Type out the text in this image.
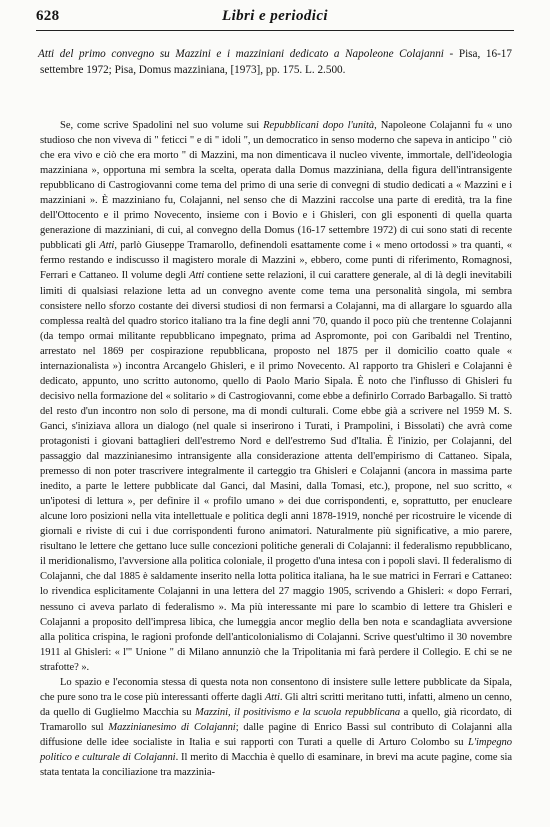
628	Libri e periodici
Atti del primo convegno su Mazzini e i mazziniani dedicato a Napoleone Colajanni - Pisa, 16-17 settembre 1972; Pisa, Domus mazziniana, [1973], pp. 175. L. 2.500.

Se, come scrive Spadolini nel suo volume sui Repubblicani dopo l'unità, Napoleone Colajanni fu « uno studioso che non viveva di " feticci " e di " idoli ", un democratico in senso moderno che sapeva in anticipo " ciò che era vivo e ciò che era morto " di Mazzini, ma non dimenticava il nucleo vivente, immortale, dell'ideologia mazziniana », opportuna mi sembra la scelta, operata dalla Domus mazziniana, della figura dell'intransigente repubblicano di Castrogiovanni come tema del primo di una serie di convegni di studio dedicati a « Mazzini e i mazziniani ». È mazziniano fu, Colajanni, nel senso che di Mazzini raccolse una parte di eredità, tra la fine dell'Ottocento e il primo Novecento, insieme con i Bovio e i Ghisleri, con gli esponenti di quella quarta generazione di mazziniani, di cui, al convegno della Domus (16-17 settembre 1972) di cui sono stati di recente pubblicati gli Atti, parlò Giuseppe Tramarollo, definendoli esattamente come i « meno ortodossi » tra quanti, « fermo restando e indiscusso il magistero morale di Mazzini », ebbero, come punti di riferimento, Romagnosi, Ferrari e Cattaneo. Il volume degli Atti contiene sette relazioni, il cui carattere generale, al di là degli inevitabili limiti di qualsiasi relazione letta ad un convegno avente come tema una personalità singola, mi sembra consistere nello sforzo costante dei diversi studiosi di non fermarsi a Colajanni, ma di allargare lo sguardo alla complessa realtà del quadro storico italiano tra la fine degli anni '70, quando il poco più che trentenne Colajanni (da tempo ormai militante repubblicano impegnato, prima ad Aspromonte, poi con Garibaldi nel Trentino, arrestato nel 1869 per cospirazione repubblicana, proposto nel 1875 per il domicilio coatto quale « internazionalista ») incontra Arcangelo Ghisleri, e il primo Novecento. Al rapporto tra Ghisleri e Colajanni è dedicato, appunto, uno scritto autonomo, quello di Paolo Mario Sipala. È noto che l'influsso di Ghisleri fu decisivo nella formazione del « solitario » di Castrogiovanni, come ebbe a definirlo Corrado Barbagallo. Si trattò del resto d'un incontro non solo di persone, ma di mondi culturali. Come ebbe già a scrivere nel 1959 M. S. Ganci, s'iniziava allora un dialogo (nel quale si inserirono i Turati, i Prampolini, i Bissolati) che avrà come protagonisti i giovani battaglieri dell'estremo Nord e dell'estremo Sud d'Italia. È l'inizio, per Colajanni, del passaggio dal mazzinianesimo intransigente alla considerazione attenta dell'empirismo di Cattaneo. Sipala, premesso di non poter trascrivere integralmente il carteggio tra Ghisleri e Colajanni (ancora in massima parte inedito, a parte le lettere pubblicate dal Ganci, dal Masini, dalla Tomasi, etc.), propone, nel suo scritto, « un'ipotesi di lettura », per definire il « profilo umano » dei due corrispondenti, e, soprattutto, per enucleare alcune loro posizioni nella vita intellettuale e politica degli anni 1878-1919, nonché per ricostruire le vicende di giornali e riviste di cui i due corrispondenti furono animatori. Naturalmente più significative, a mio parere, risultano le lettere che gettano luce sulle concezioni politiche generali di Colajanni: il federalismo repubblicano, il meridionalismo, l'avversione alla politica coloniale, il progetto d'una intesa con i popoli slavi. Il federalismo di Colajanni, che dal 1885 è saldamente inserito nella lotta politica italiana, ha le sue matrici in Ferrari e Cattaneo: lo rivendica esplicitamente Colajanni in una lettera del 27 maggio 1905, scrivendo a Ghisleri: « dopo Ferrari, nessuno ci aveva parlato di federalismo ». Ma più interessante mi pare lo scambio di lettere tra Ghisleri e Colajanni a proposito dell'impresa libica, che lumeggia ancor meglio della ben nota e scandagliata avversione alla politica crispina, le ragioni profonde dell'anticolonialismo di Colajanni. Scrive quest'ultimo il 30 novembre 1911 al Ghisleri: « l'" Unione " di Milano annunziò che la Tripolitania mi farà perdere il Collegio. E chi se ne strafotte? ».

Lo spazio e l'economia stessa di questa nota non consentono di insistere sulle lettere pubblicate da Sipala, che pure sono tra le cose più interessanti offerte dagli Atti. Gli altri scritti meritano tutti, infatti, almeno un cenno, da quello di Guglielmo Macchia su Mazzini, il positivismo e la scuola repubblicana a quello, già ricordato, di Tramarollo sul Mazzinianesimo di Colajanni; dalle pagine di Enrico Bassi sul contributo di Colajanni alla diffusione delle idee socialiste in Italia e sui rapporti con Turati a quelle di Arturo Colombo su L'impegno politico e culturale di Colajanni. Il merito di Macchia è quello di esaminare, in brevi ma acute pagine, come sia stata tentata la conciliazione tra mazzinia-
